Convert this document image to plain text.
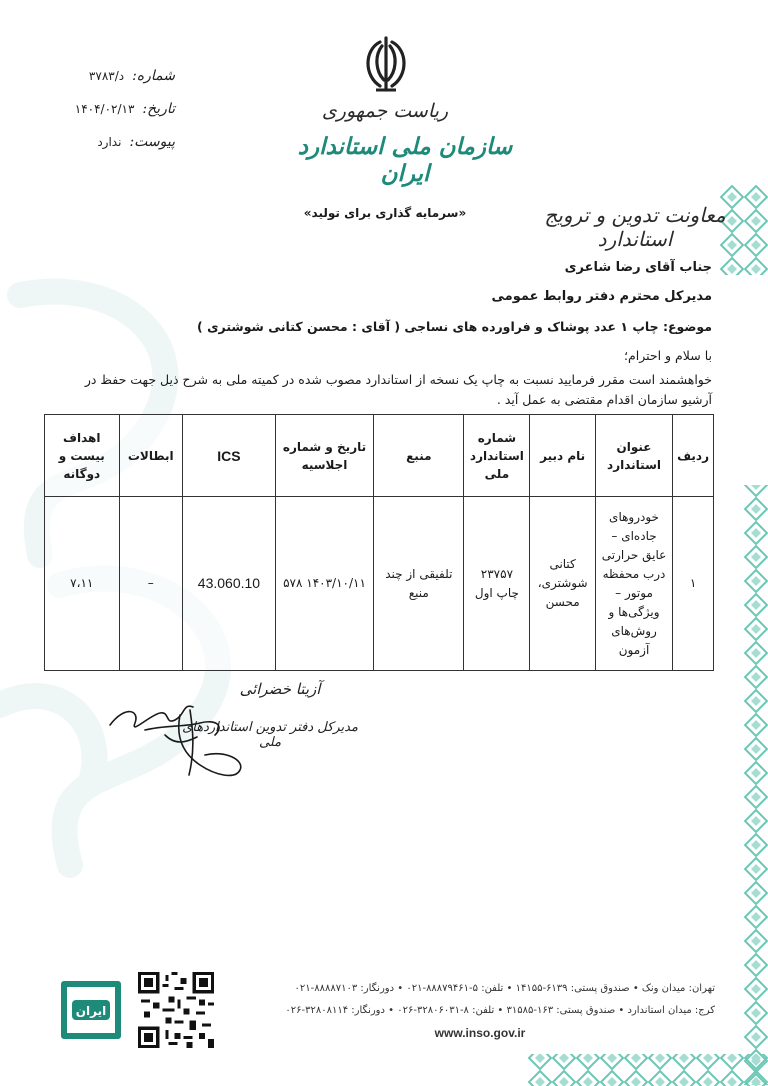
شماره:
د/۳۷۸۳
تاریخ:
۱۴۰۴/۰۲/۱۳
پیوست:
ندارد
ریاست جمهوری
سازمان ملی استاندارد ایران
معاونت تدوین و ترویج استاندارد
«سرمایه گذاری برای تولید»
جناب آقای رضا شاعری
مدیرکل محترم دفتر روابط عمومی
موضوع: چاپ ۱ عدد پوشاک و فراورده های نساجی ( آقای : محسن کتانی شوشتری )
با سلام و احترام؛
خواهشمند است مقرر فرمایید نسبت به چاپ یک نسخه از استاندارد مصوب شده در کمیته ملی به شرح ذیل جهت حفظ در آرشیو سازمان اقدام مقتضی به عمل آید .
ردیف	عنوان استاندارد	نام دبیر	شماره استاندارد ملی	منبع	تاریخ و شماره اجلاسیه	ICS	ابطالات	اهداف بیست و دوگانه
۱	خودروهای جاده‌ای – عایق حرارتی درب محفظه موتور – ویژگی‌ها و روش‌های آزمون	کتانی شوشتری، محسن	۲۳۷۵۷ چاپ اول	تلفیقی از چند منبع	۱۴۰۳/۱۰/۱۱ ۵۷۸	43.060.10	–	۷،۱۱
آزیتا خضرائی
مدیرکل دفتر تدوین استانداردهای ملی
ایران
تهران: میدان ونک • صندوق پستی: ۶۱۳۹-۱۴۱۵۵ • تلفن: ۵-۸۸۸۷۹۴۶۱-۰۲۱ • دورنگار: ۸۸۸۸۷۱۰۳-۰۲۱
کرج: میدان استاندارد • صندوق پستی: ۱۶۳-۳۱۵۸۵ • تلفن: ۸-۳۲۸۰۶۰۳۱-۰۲۶ • دورنگار: ۳۲۸۰۸۱۱۴-۰۲۶
www.inso.gov.ir
